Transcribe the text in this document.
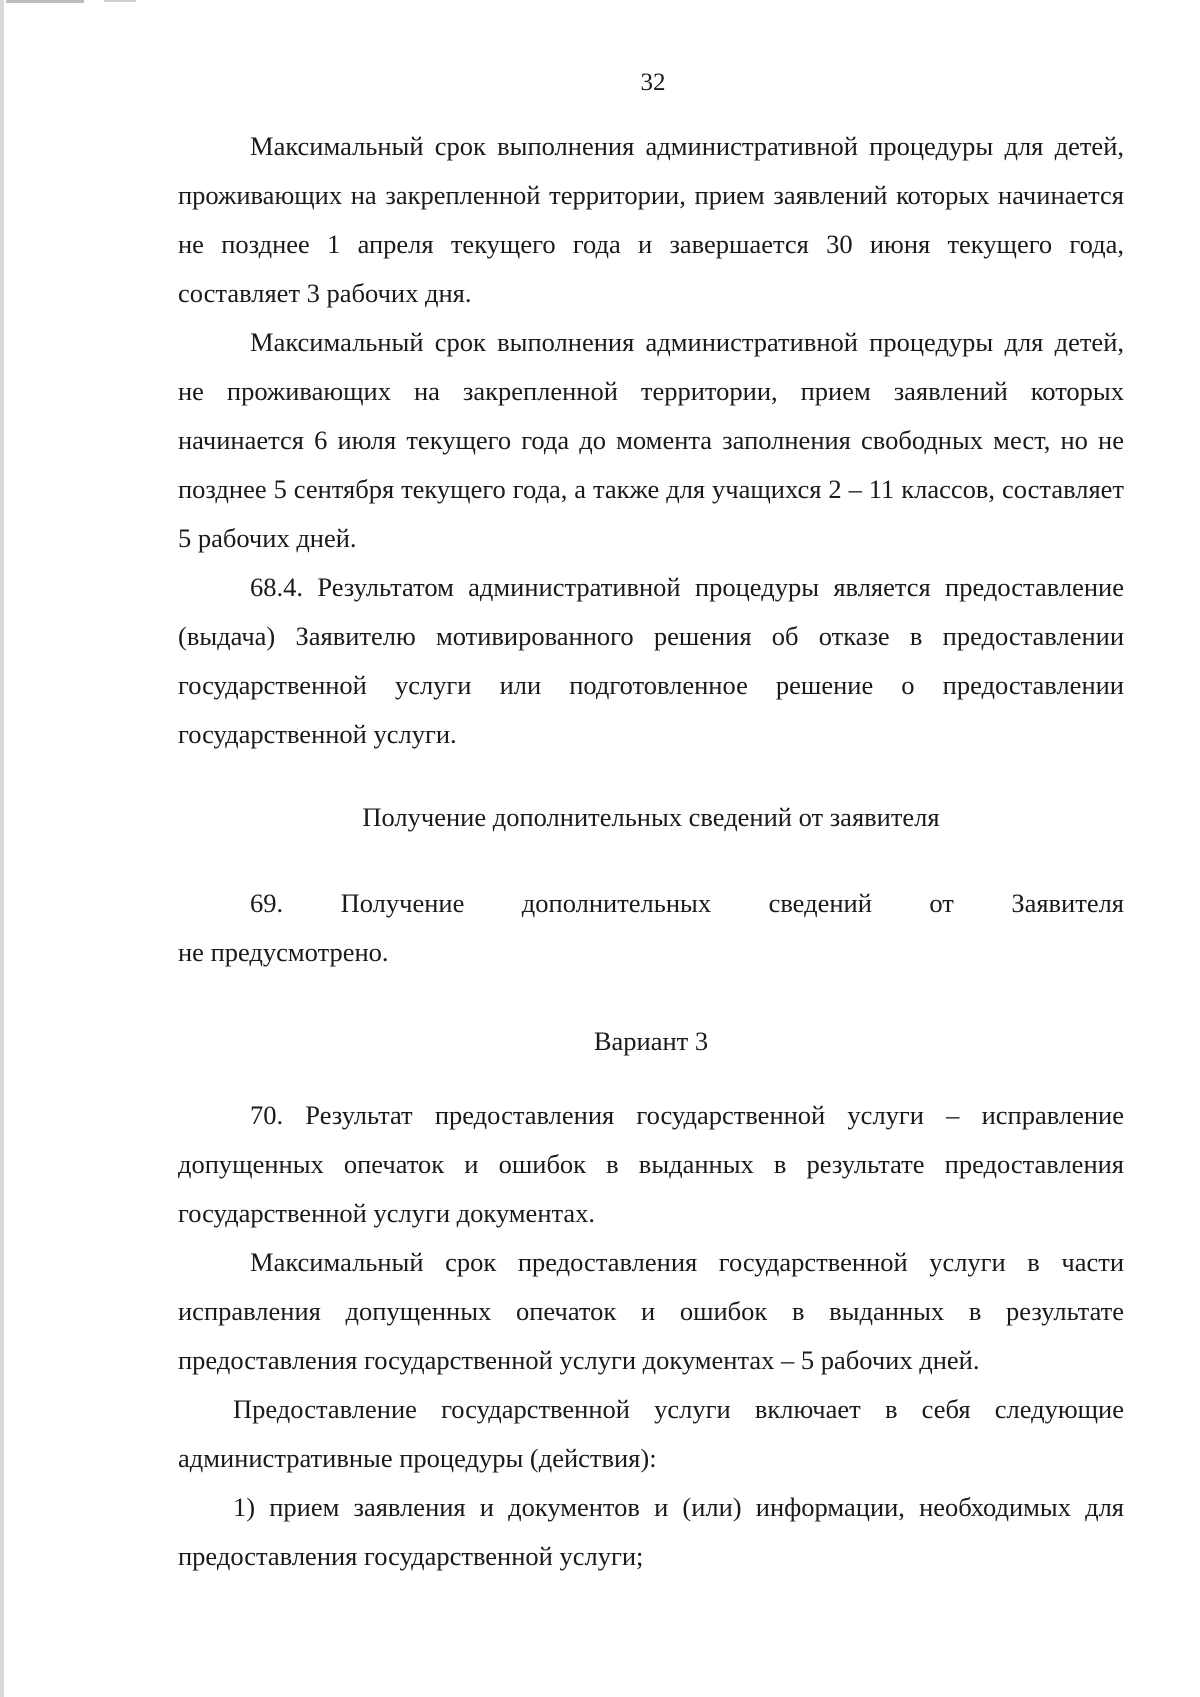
32

Максимальный срок выполнения административной процедуры для детей, проживающих на закрепленной территории, прием заявлений которых начинается не позднее 1 апреля текущего года и завершается 30 июня текущего года, составляет 3 рабочих дня.

Максимальный срок выполнения административной процедуры для детей, не проживающих на закрепленной территории, прием заявлений которых начинается 6 июля текущего года до момента заполнения свободных мест, но не позднее 5 сентября текущего года, а также для учащихся 2 – 11 классов, составляет 5 рабочих дней.

68.4. Результатом административной процедуры является предоставление (выдача) Заявителю мотивированного решения об отказе в предоставлении государственной услуги или подготовленное решение о предоставлении государственной услуги.

Получение дополнительных сведений от заявителя

69. Получение дополнительных сведений от Заявителя

не предусмотрено.

Вариант 3

70. Результат предоставления государственной услуги – исправление допущенных опечаток и ошибок в выданных в результате предоставления государственной услуги документах.

Максимальный срок предоставления государственной услуги в части исправления допущенных опечаток и ошибок в выданных в результате предоставления государственной услуги документах – 5 рабочих дней.

Предоставление государственной услуги включает в себя следующие административные процедуры (действия):

1) прием заявления и документов и (или) информации, необходимых для предоставления государственной услуги;
